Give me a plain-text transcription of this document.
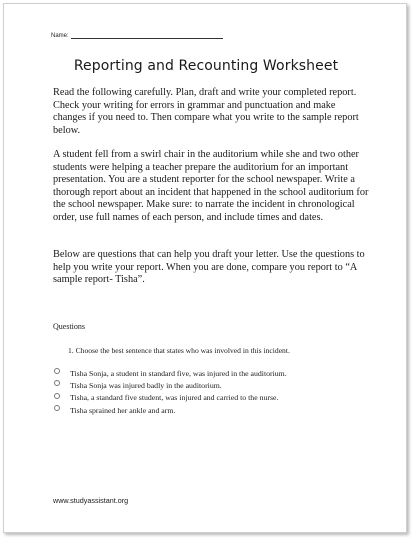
Name:
Reporting and Recounting Worksheet

Read the following carefully. Plan, draft and write your completed report. Check your writing for errors in grammar and punctuation and make changes if you need to. Then compare what you write to the sample report below.

A student fell from a swirl chair in the auditorium while she and two other students were helping a teacher prepare the auditorium for an important presentation. You are a student reporter for the school newspaper. Write a thorough report about an incident that happened in the school auditorium for the school newspaper. Make sure: to narrate the incident in chronological order, use full names of each person, and include times and dates.

Below are questions that can help you draft your letter. Use the questions to help you write your report. When you are done, compare you report to “A sample report- Tisha”.

Questions
1. Choose the best sentence that states who was involved in this incident.
Tisha Sonja, a student in standard five, was injured in the auditorium.
Tisha Sonja was injured badly in the auditorium.
Tisha, a standard five student, was injured and carried to the nurse.
Tisha sprained her ankle and arm.
www.studyassistant.org
